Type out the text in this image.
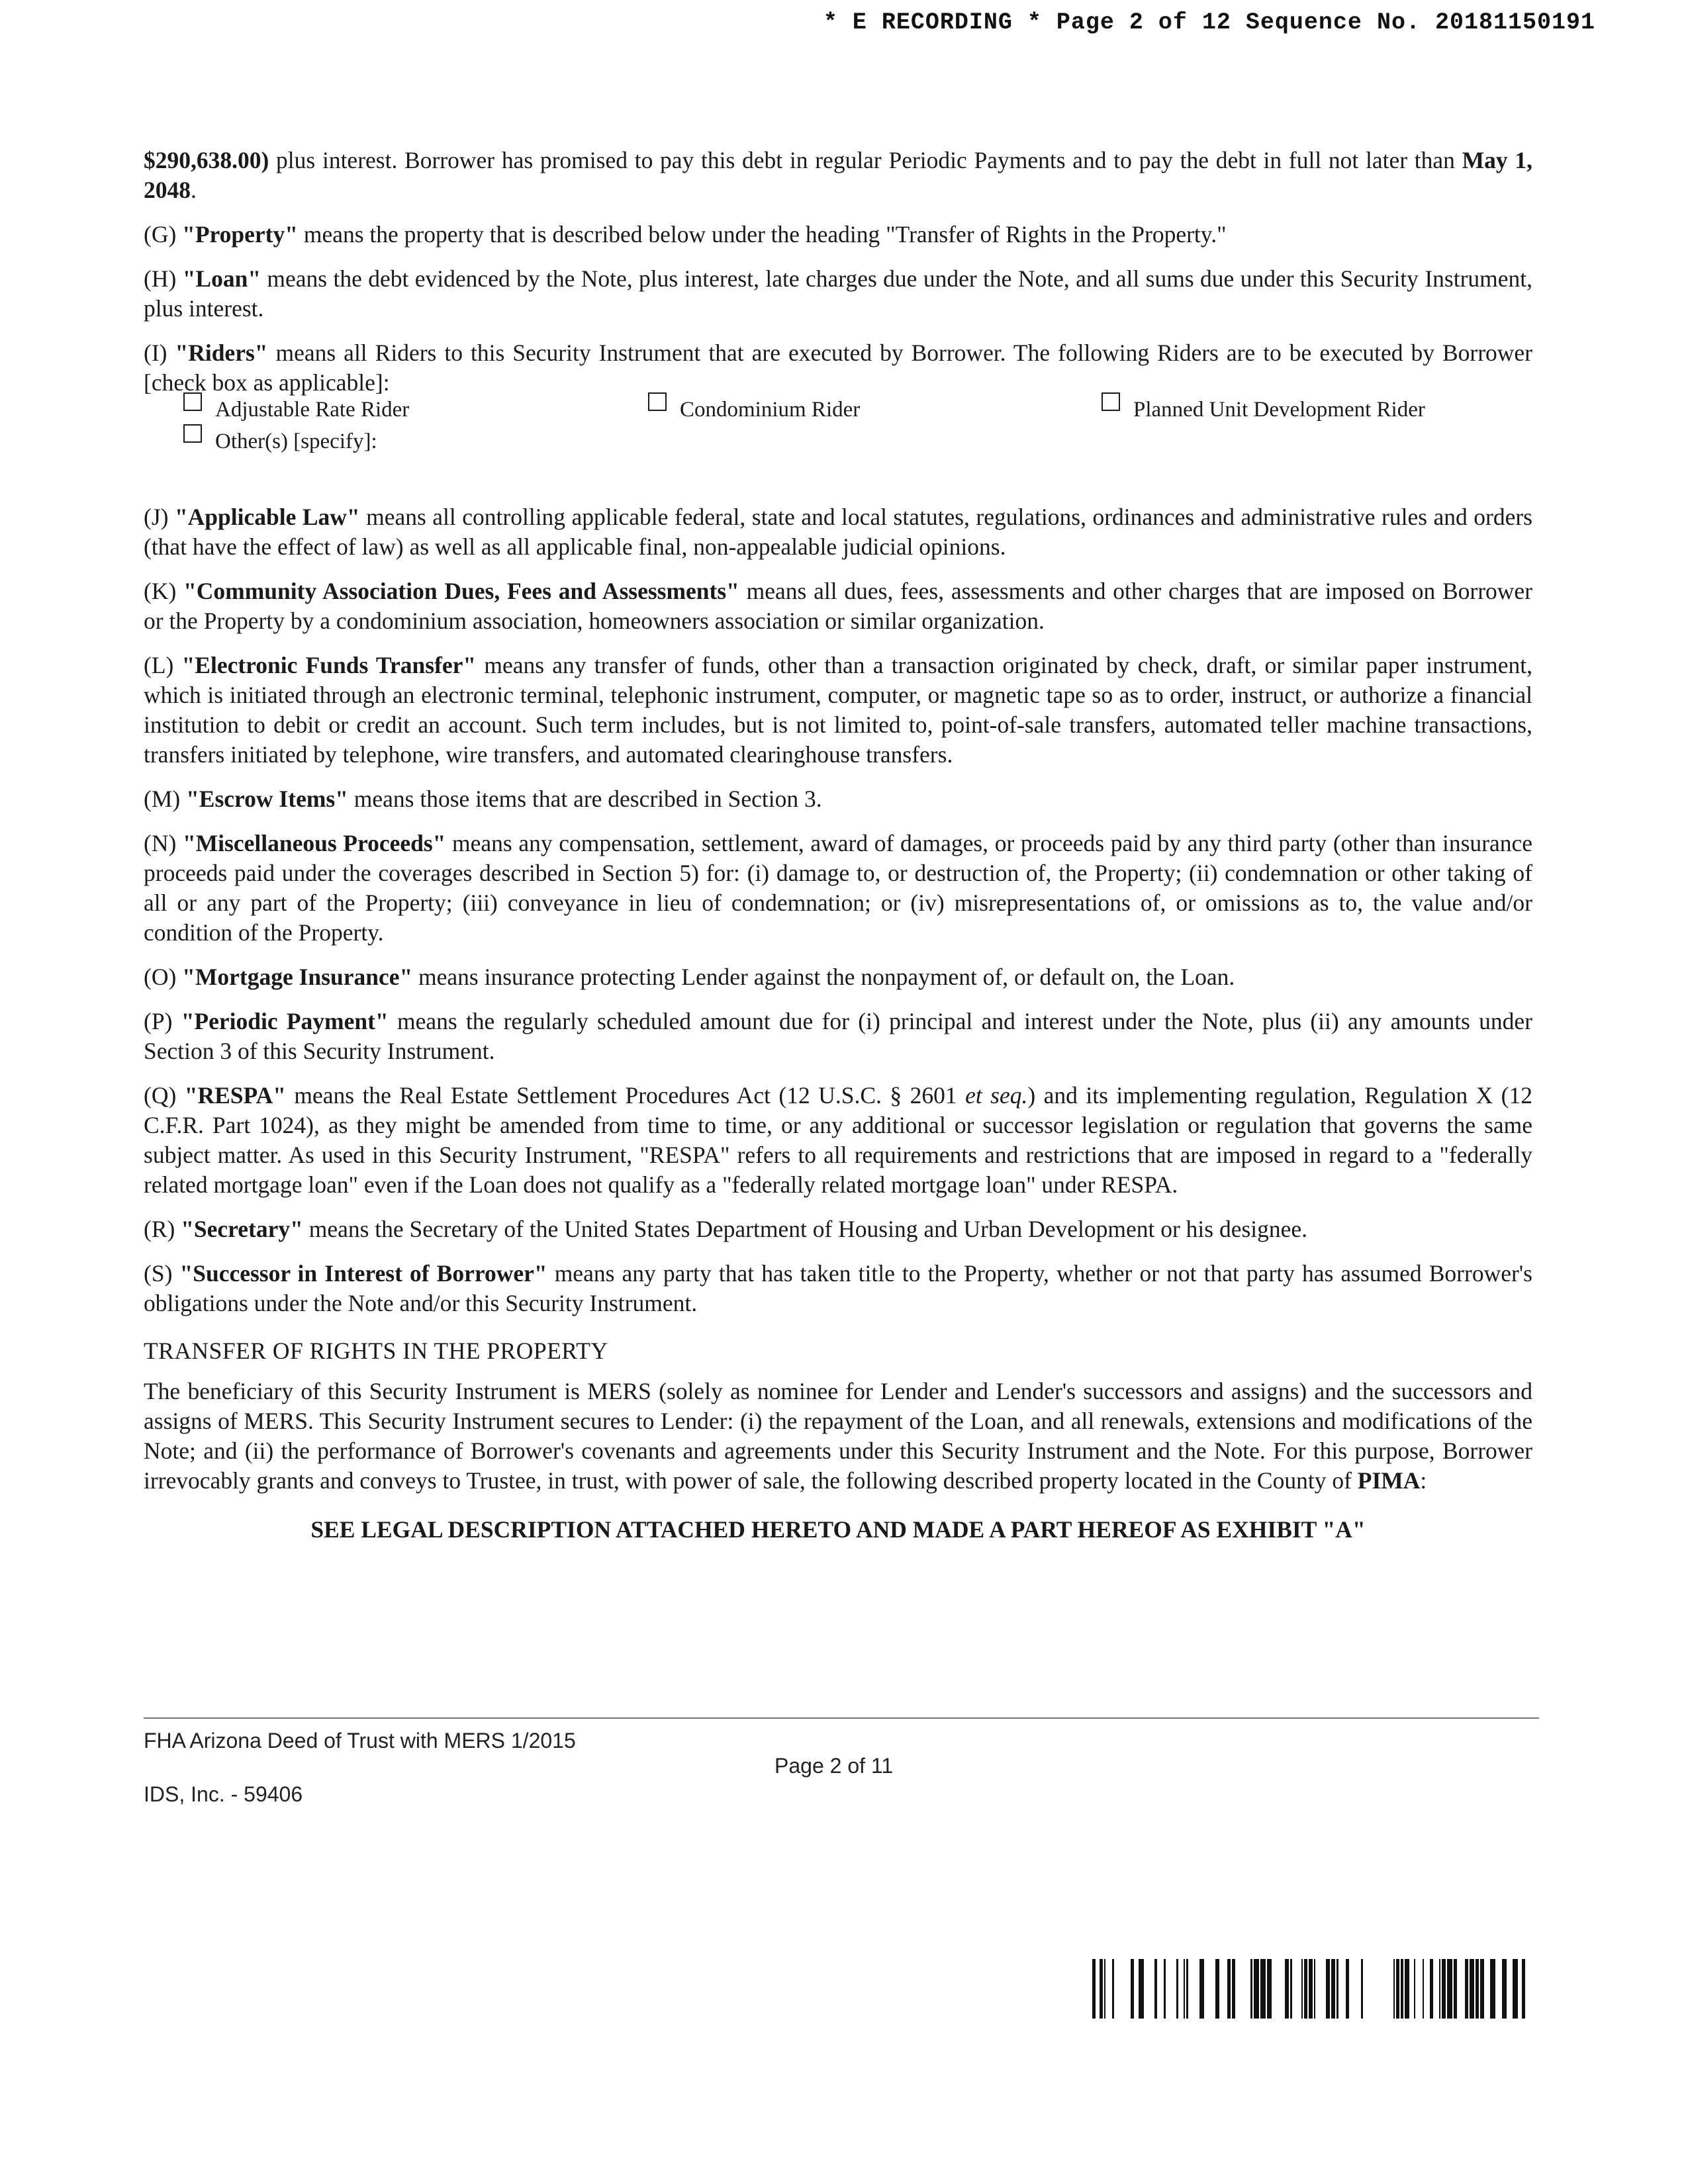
* E RECORDING * Page 2 of 12 Sequence No. 20181150191

$290,638.00) plus interest. Borrower has promised to pay this debt in regular Periodic Payments and to pay the debt in full not later than May 1, 2048.

(G) "Property" means the property that is described below under the heading "Transfer of Rights in the Property."

(H) "Loan" means the debt evidenced by the Note, plus interest, late charges due under the Note, and all sums due under this Security Instrument, plus interest.

(I) "Riders" means all Riders to this Security Instrument that are executed by Borrower. The following Riders are to be executed by Borrower [check box as applicable]:

Adjustable Rate Rider	Condominium Rider	Planned Unit Development Rider
Other(s) [specify]:

(J) "Applicable Law" means all controlling applicable federal, state and local statutes, regulations, ordinances and administrative rules and orders (that have the effect of law) as well as all applicable final, non-appealable judicial opinions.

(K) "Community Association Dues, Fees and Assessments" means all dues, fees, assessments and other charges that are imposed on Borrower or the Property by a condominium association, homeowners association or similar organization.

(L) "Electronic Funds Transfer" means any transfer of funds, other than a transaction originated by check, draft, or similar paper instrument, which is initiated through an electronic terminal, telephonic instrument, computer, or magnetic tape so as to order, instruct, or authorize a financial institution to debit or credit an account. Such term includes, but is not limited to, point-of-sale transfers, automated teller machine transactions, transfers initiated by telephone, wire transfers, and automated clearinghouse transfers.

(M) "Escrow Items" means those items that are described in Section 3.

(N) "Miscellaneous Proceeds" means any compensation, settlement, award of damages, or proceeds paid by any third party (other than insurance proceeds paid under the coverages described in Section 5) for: (i) damage to, or destruction of, the Property; (ii) condemnation or other taking of all or any part of the Property; (iii) conveyance in lieu of condemnation; or (iv) misrepresentations of, or omissions as to, the value and/or condition of the Property.

(O) "Mortgage Insurance" means insurance protecting Lender against the nonpayment of, or default on, the Loan.

(P) "Periodic Payment" means the regularly scheduled amount due for (i) principal and interest under the Note, plus (ii) any amounts under Section 3 of this Security Instrument.

(Q) "RESPA" means the Real Estate Settlement Procedures Act (12 U.S.C. § 2601 et seq.) and its implementing regulation, Regulation X (12 C.F.R. Part 1024), as they might be amended from time to time, or any additional or successor legislation or regulation that governs the same subject matter. As used in this Security Instrument, "RESPA" refers to all requirements and restrictions that are imposed in regard to a "federally related mortgage loan" even if the Loan does not qualify as a "federally related mortgage loan" under RESPA.

(R) "Secretary" means the Secretary of the United States Department of Housing and Urban Development or his designee.

(S) "Successor in Interest of Borrower" means any party that has taken title to the Property, whether or not that party has assumed Borrower's obligations under the Note and/or this Security Instrument.

TRANSFER OF RIGHTS IN THE PROPERTY

The beneficiary of this Security Instrument is MERS (solely as nominee for Lender and Lender's successors and assigns) and the successors and assigns of MERS. This Security Instrument secures to Lender: (i) the repayment of the Loan, and all renewals, extensions and modifications of the Note; and (ii) the performance of Borrower's covenants and agreements under this Security Instrument and the Note. For this purpose, Borrower irrevocably grants and conveys to Trustee, in trust, with power of sale, the following described property located in the County of PIMA:

SEE LEGAL DESCRIPTION ATTACHED HERETO AND MADE A PART HEREOF AS EXHIBIT "A"
FHA Arizona Deed of Trust with MERS 1/2015
IDS, Inc. - 59406
Page 2 of 11
